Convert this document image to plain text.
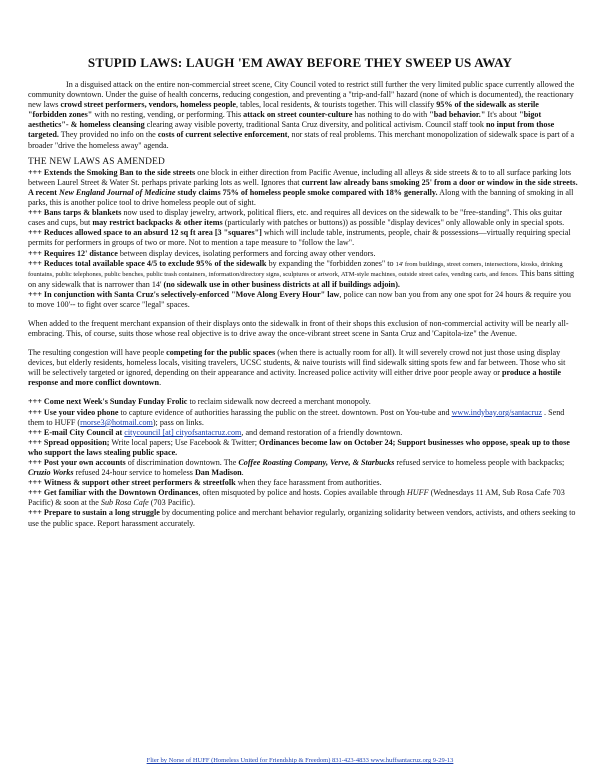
STUPID LAWS: LAUGH 'EM AWAY BEFORE THEY SWEEP US AWAY

In a disguised attack on the entire non-commercial street scene, City Council voted to restrict still further the very limited public space currently allowed the community downtown. Under the guise of health concerns, reducing congestion, and preventing a "trip-and-fall" hazard (none of which is documented), the reactionary new laws crowd street performers, vendors, homeless people, tables, local residents, & tourists together. This will classify 95% of the sidewalk as sterile "forbidden zones" with no resting, vending, or performing. This attack on street counter-culture has nothing to do with "bad behavior." It's about "bigot aesthetics"- & homeless cleansing clearing away visible poverty, traditional Santa Cruz diversity, and political activism. Council staff took no input from those targeted. They provided no info on the costs of current selective enforcement, nor stats of real problems. This merchant monopolization of sidewalk space is part of a broader "drive the homeless away" agenda.

THE NEW LAWS AS AMENDED

+++ Extends the Smoking Ban to the side streets one block in either direction from Pacific Avenue, including all alleys & side streets & to to all surface parking lots between Laurel Street & Water St. perhaps private parking lots as well. Ignores that current law already bans smoking 25' from a door or window in the side streets. A recent New England Journal of Medicine study claims 75% of homeless people smoke compared with 18% generally. Along with the banning of smoking in all parks, this is another police tool to drive homeless people out of sight.

+++ Bans tarps & blankets now used to display jewelry, artwork, political fliers, etc. and requires all devices on the sidewalk to be "free-standing". This oks guitar cases and cups, but may restrict backpacks & other items (particularly with patches or buttons)) as possible "display devices" only allowable only in special spots.

+++ Reduces allowed space to an absurd 12 sq ft area [3 "squares"] which will include table, instruments, people, chair & possessions—virtually requiring special permits for performers in groups of two or more. Not to mention a tape measure to "follow the law".

+++ Requires 12' distance between display devices, isolating performers and forcing away other vendors.

+++ Reduces total available space 4/5 to exclude 95% of the sidewalk by expanding the "forbidden zones" to 14' from buildings, street corners, intersections, kiosks, drinking fountains, public telephones, public benches, public trash containers, information/directory signs, sculptures or artwork, ATM-style machines, outside street cafes, vending carts, and fences. This bans sitting on any sidewalk that is narrower than 14' (no sidewalk use in other business districts at all if buildings adjoin).

+++ In conjunction with Santa Cruz's selectively-enforced "Move Along Every Hour" law, police can now ban you from any one spot for 24 hours & require you to move 100'-- to fight over scarce "legal" spaces.

When added to the frequent merchant expansion of their displays onto the sidewalk in front of their shops this exclusion of non-commercial activity will be nearly all-embracing. This, of course, suits those whose real objective is to drive away the once-vibrant street scene in Santa Cruz and 'Capitola-ize" the Avenue.

The resulting congestion will have people competing for the public spaces (when there is actually room for all). It will severely crowd not just those using display devices, but elderly residents, homeless locals, visiting travelers, UCSC students, & naive tourists will find sidewalk sitting spots few and far between. Those who sit will be selectively targeted or ignored, depending on their appearance and activity. Increased police activity will either drive poor people away or produce a hostile response and more conflict downtown.

+++ Come next Week's Sunday Funday Frolic to reclaim sidewalk now decreed a merchant monopoly.

+++ Use your video phone to capture evidence of authorities harassing the public on the street. downtown. Post on You-tube and www.indybay.org/santacruz . Send them to HUFF (rnorse3@hotmail.com); pass on links.

+++ E-mail City Council at citycouncil [at] cityofsantacruz.com, and demand restoration of a friendly downtown.

+++ Spread opposition; Write local papers; Use Facebook & Twitter; Ordinances become law on October 24; Support businesses who oppose, speak up to those who support the laws stealing public space.

+++ Post your own accounts of discrimination downtown. The Coffee Roasting Company, Verve, & Starbucks refused service to homeless people with backpacks; Cruzio Works refused 24-hour service to homeless Dan Madison.

+++ Witness & support other street performers & streetfolk when they face harassment from authorities.

+++ Get familiar with the Downtown Ordinances, often misquoted by police and hosts. Copies available through HUFF (Wednesdays 11 AM, Sub Rosa Cafe 703 Pacific) & soon at the Sub Rosa Cafe (703 Pacific).

+++ Prepare to sustain a long struggle by documenting police and merchant behavior regularly, organizing solidarity between vendors, activists, and others seeking to use the public space. Report harassment accurately.

Flier by Norse of HUFF (Homeless United for Friendship & Freedom) 831-423-4833 www.huffsantacruz.org 9-29-13
